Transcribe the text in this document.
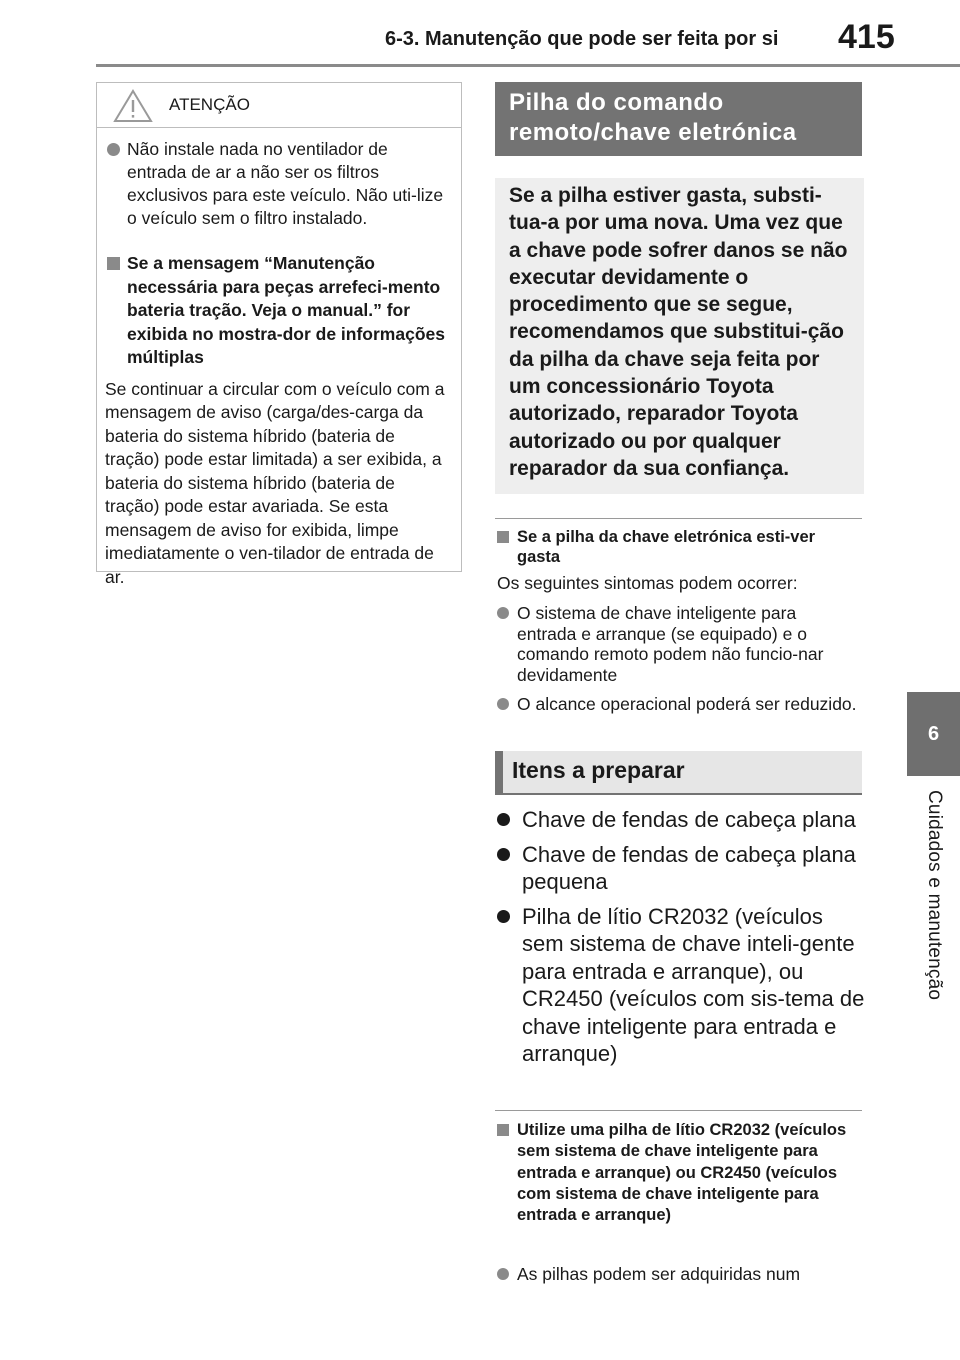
6-3. Manutenção que pode ser feita por si 415
6
Cuidados e manutenção
ATENÇÃO
Não instale nada no ventilador de entrada de ar a não ser os filtros exclusivos para este veículo. Não uti-lize o veículo sem o filtro instalado.
Se a mensagem “Manutenção necessária para peças arrefeci-mento bateria tração. Veja o manual.” for exibida no mostra-dor de informações múltiplas
Se continuar a circular com o veículo com a mensagem de aviso (carga/des-carga da bateria do sistema híbrido (bateria de tração) pode estar limitada) a ser exibida, a bateria do sistema híbrido (bateria de tração) pode estar avariada. Se esta mensagem de aviso for exibida, limpe imediatamente o ven-tilador de entrada de ar.
Pilha do comando
remoto/chave eletrónica
Se a pilha estiver gasta, substi-tua-a por uma nova. Uma vez que a chave pode sofrer danos se não executar devidamente o procedimento que se segue, recomendamos que substitui-ção da pilha da chave seja feita por um concessionário Toyota autorizado, reparador Toyota autorizado ou por qualquer reparador da sua confiança.
Se a pilha da chave eletrónica esti-ver gasta
Os seguintes sintomas podem ocorrer:
O sistema de chave inteligente para entrada e arranque (se equipado) e o comando remoto podem não funcio-nar devidamente
O alcance operacional poderá ser reduzido.
Itens a preparar
Chave de fendas de cabeça plana
Chave de fendas de cabeça plana pequena
Pilha de lítio CR2032 (veículos sem sistema de chave inteli-gente para entrada e arranque), ou CR2450 (veículos com sis-tema de chave inteligente para entrada e arranque)
Utilize uma pilha de lítio CR2032 (veículos sem sistema de chave inteligente para entrada e arranque) ou CR2450 (veículos com sistema de chave inteligente para entrada e arranque)
As pilhas podem ser adquiridas num
